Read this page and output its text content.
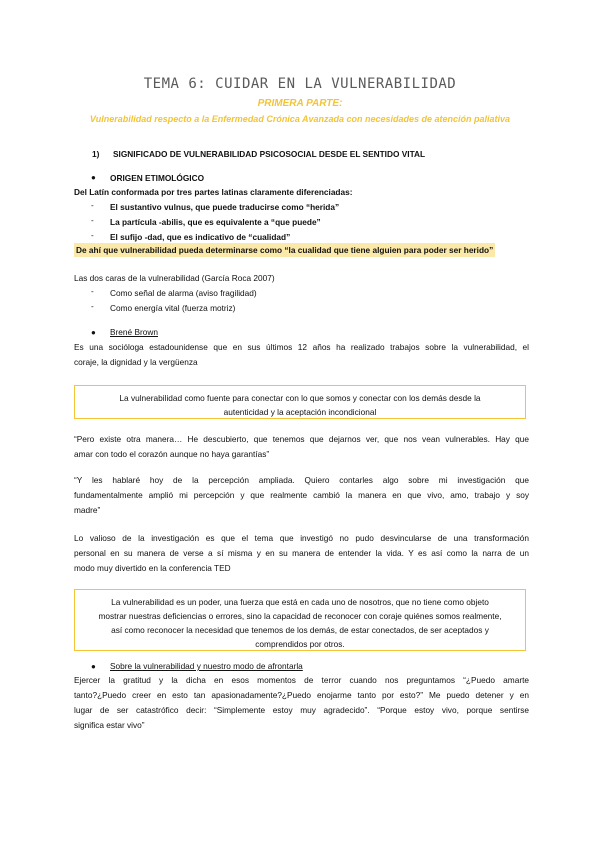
TEMA 6: CUIDAR EN LA VULNERABILIDAD
PRIMERA PARTE:
Vulnerabilidad respecto a la Enfermedad Crónica Avanzada con necesidades de atención paliativa
1) SIGNIFICADO DE VULNERABILIDAD PSICOSOCIAL DESDE EL SENTIDO VITAL
● ORIGEN ETIMOLÓGICO
Del Latín conformada por tres partes latinas claramente diferenciadas:
- El sustantivo vulnus, que puede traducirse como “herida”
- La partícula -abilis, que es equivalente a “que puede”
- El sufijo -dad, que es indicativo de “cualidad”
De ahí que vulnerabilidad pueda determinarse como “la cualidad que tiene alguien para poder ser herido”
Las dos caras de la vulnerabilidad (García Roca 2007)
- Como señal de alarma (aviso fragilidad)
- Como energía vital (fuerza motriz)
● Brené Brown
Es una socióloga estadounidense que en sus últimos 12 años ha realizado trabajos sobre la vulnerabilidad, el
coraje, la dignidad y la vergüenza
La vulnerabilidad como fuente para conectar con lo que somos y conectar con los demás desde la
autenticidad y la aceptación incondicional
“Pero existe otra manera… He descubierto, que tenemos que dejarnos ver, que nos vean vulnerables. Hay que
amar con todo el corazón aunque no haya garantías”
“Y les hablaré hoy de la percepción ampliada. Quiero contarles algo sobre mi investigación que
fundamentalmente amplió mi percepción y que realmente cambió la manera en que vivo, amo, trabajo y soy
madre”
Lo valioso de la investigación es que el tema que investigó no pudo desvincularse de una transformación
personal en su manera de verse a sí misma y en su manera de entender la vida. Y es así como la narra de un
modo muy divertido en la conferencia TED
La vulnerabilidad es un poder, una fuerza que está en cada uno de nosotros, que no tiene como objeto
mostrar nuestras deficiencias o errores, sino la capacidad de reconocer con coraje quiénes somos realmente,
así como reconocer la necesidad que tenemos de los demás, de estar conectados, de ser aceptados y
comprendidos por otros.
● Sobre la vulnerabilidad y nuestro modo de afrontarla
Ejercer la gratitud y la dicha en esos momentos de terror cuando nos preguntamos “¿Puedo amarte
tanto?¿Puedo creer en esto tan apasionadamente?¿Puedo enojarme tanto por esto?” Me puedo detener y en
lugar de ser catastrófico decir: “Simplemente estoy muy agradecido”. “Porque estoy vivo, porque sentirse
significa estar vivo”
